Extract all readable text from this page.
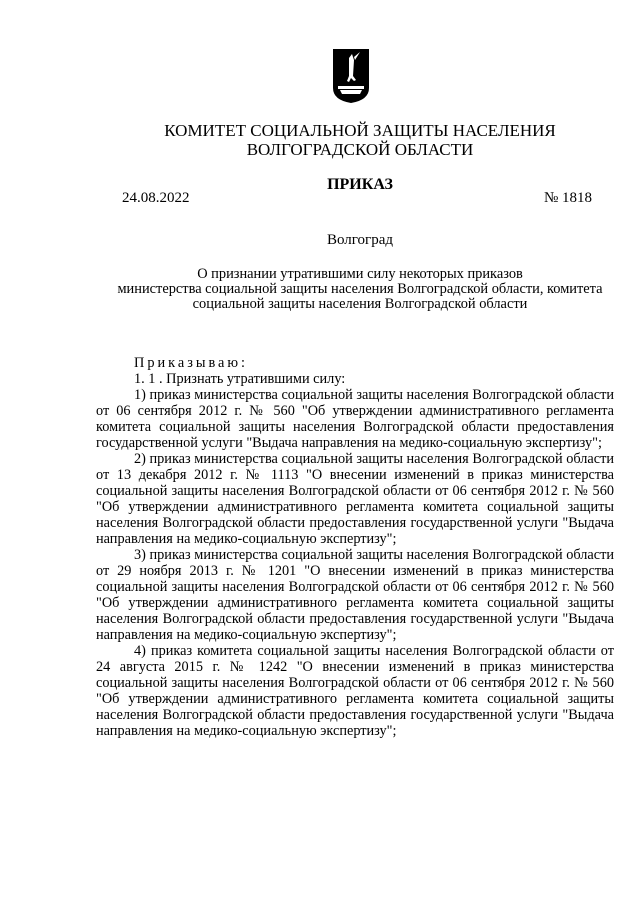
КОМИТЕТ СОЦИАЛЬНОЙ ЗАЩИТЫ НАСЕЛЕНИЯ
ВОЛГОГРАДСКОЙ ОБЛАСТИ
ПРИКАЗ
24.08.2022	№ 1818
Волгоград
О признании утратившими силу некоторых приказов
министерства социальной защиты населения Волгоградской области, комитета
социальной защиты населения Волгоградской области

Приказываю:

1. 1 . Признать утратившими силу:

1) приказ министерства социальной защиты населения Волгоградской области от 06 сентября 2012 г. № 560 "Об утверждении административного регламента комитета социальной защиты населения Волгоградской области предоставления государственной услуги "Выдача направления на медико-социальную экспертизу";

2) приказ министерства социальной защиты населения Волгоградской области от 13 декабря 2012 г. № 1113 "О внесении изменений в приказ министерства социальной защиты населения Волгоградской области от 06 сентября 2012 г. № 560 "Об утверждении административного регламента комитета социальной защиты населения Волгоградской области предоставления государственной услуги "Выдача направления на медико-социальную экспертизу";

3) приказ министерства социальной защиты населения Волгоградской области от 29 ноября 2013 г. № 1201 "О внесении изменений в приказ министерства социальной защиты населения Волгоградской области от 06 сентября 2012 г. № 560 "Об утверждении административного регламента комитета социальной защиты населения Волгоградской области предоставления государственной услуги "Выдача направления на медико-социальную экспертизу";

4) приказ комитета социальной защиты населения Волгоградской области от 24 августа 2015 г. № 1242 "О внесении изменений в приказ министерства социальной защиты населения Волгоградской области от 06 сентября 2012 г. № 560 "Об утверждении административного регламента комитета социальной защиты населения Волгоградской области предоставления государственной услуги "Выдача направления на медико-социальную экспертизу";
